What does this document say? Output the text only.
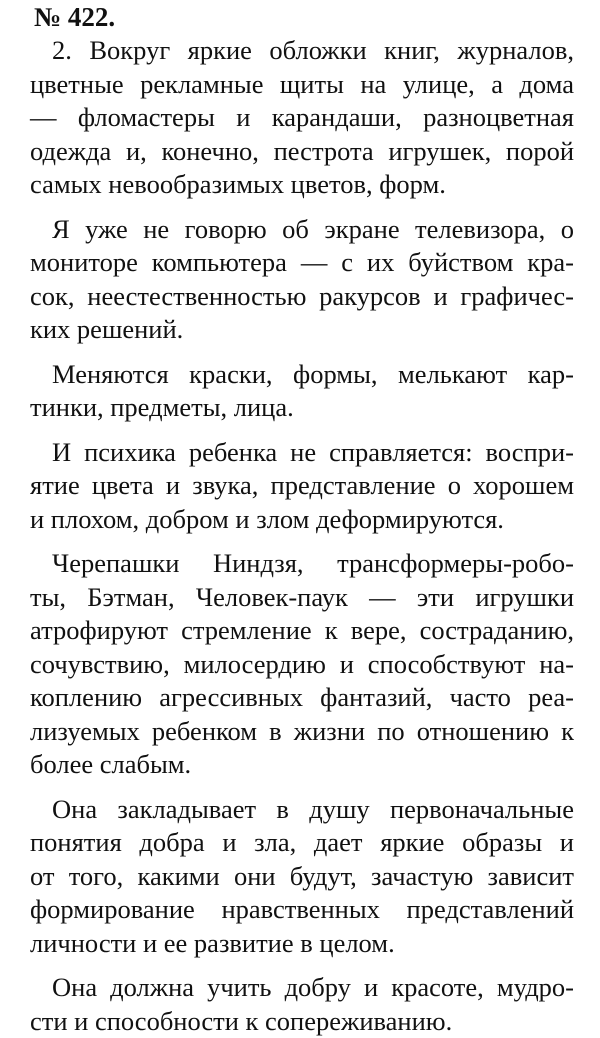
№ 422.

2. Вокруг яркие обложки книг, журналов,
цветные рекламные щиты на улице, а дома
— фломастеры и карандаши, разноцветная
одежда и, конечно, пестрота игрушек, порой
самых невообразимых цветов, форм.

Я уже не говорю об экране телевизора, о
мониторе компьютера — с их буйством кра-
сок, неестественностью ракурсов и графичес-
ких решений.

Меняются краски, формы, мелькают кар-
тинки, предметы, лица.

И психика ребенка не справляется: воспри-
ятие цвета и звука, представление о хорошем
и плохом, добром и злом деформируются.

Черепашки Ниндзя, трансформеры-робо-
ты, Бэтман, Человек-паук — эти игрушки
атрофируют стремление к вере, состраданию,
сочувствию, милосердию и способствуют на-
коплению агрессивных фантазий, часто реа-
лизуемых ребенком в жизни по отношению к
более слабым.

Она закладывает в душу первоначальные
понятия добра и зла, дает яркие образы и
от того, какими они будут, зачастую зависит
формирование нравственных представлений
личности и ее развитие в целом.

Она должна учить добру и красоте, мудро-
сти и способности к сопереживанию.
